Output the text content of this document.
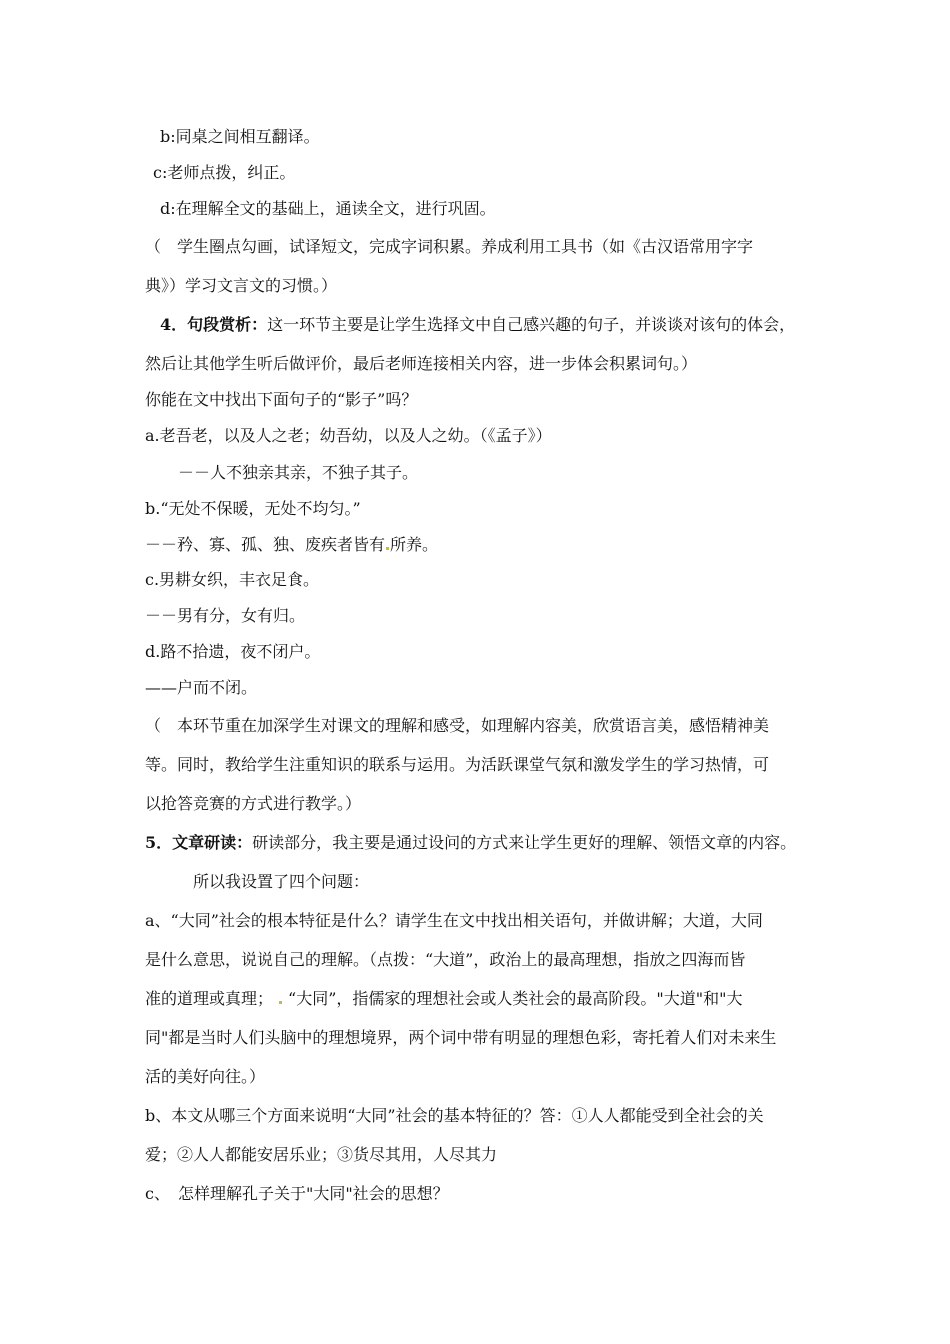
b:同桌之间相互翻译。

c:老师点拨，纠正。

d:在理解全文的基础上，通读全文，进行巩固。

（　学生圈点勾画，试译短文，完成字词积累。养成利用工具书（如《古汉语常用字字

典》）学习文言文的习惯。）

4．句段赏析：这一环节主要是让学生选择文中自己感兴趣的句子，并谈谈对该句的体会，

然后让其他学生听后做评价，最后老师连接相关内容，进一步体会积累词句。）

你能在文中找出下面句子的“影子”吗？

a.老吾老，以及人之老；幼吾幼，以及人之幼。（《孟子》）

－－人不独亲其亲，不独子其子。

b.“无处不保暖，无处不均匀。”

－－矜、寡、孤、独、废疾者皆有 所养。

c.男耕女织，丰衣足食。

－－男有分，女有归。

d.路不拾遗，夜不闭户。

——户而不闭。

（　本环节重在加深学生对课文的理解和感受，如理解内容美，欣赏语言美，感悟精神美

等。同时，教给学生注重知识的联系与运用。为活跃课堂气氛和激发学生的学习热情，可

以抢答竞赛的方式进行教学。）

5．文章研读：研读部分，我主要是通过设问的方式来让学生更好的理解、领悟文章的内容。

所以我设置了四个问题：

a、“大同”社会的根本特征是什么？请学生在文中找出相关语句，并做讲解；大道，大同

是什么意思，说说自己的理解。（点拨：“大道”，政治上的最高理想，指放之四海而皆

准的道理或真理； “大同”，指儒家的理想社会或人类社会的最高阶段。"大道"和"大

同"都是当时人们头脑中的理想境界，两个词中带有明显的理想色彩，寄托着人们对未来生

活的美好向往。）

b、本文从哪三个方面来说明“大同”社会的基本特征的？答：①人人都能受到全社会的关

爱；②人人都能安居乐业；③货尽其用，人尽其力

c、　怎样理解孔子关于"大同"社会的思想？
